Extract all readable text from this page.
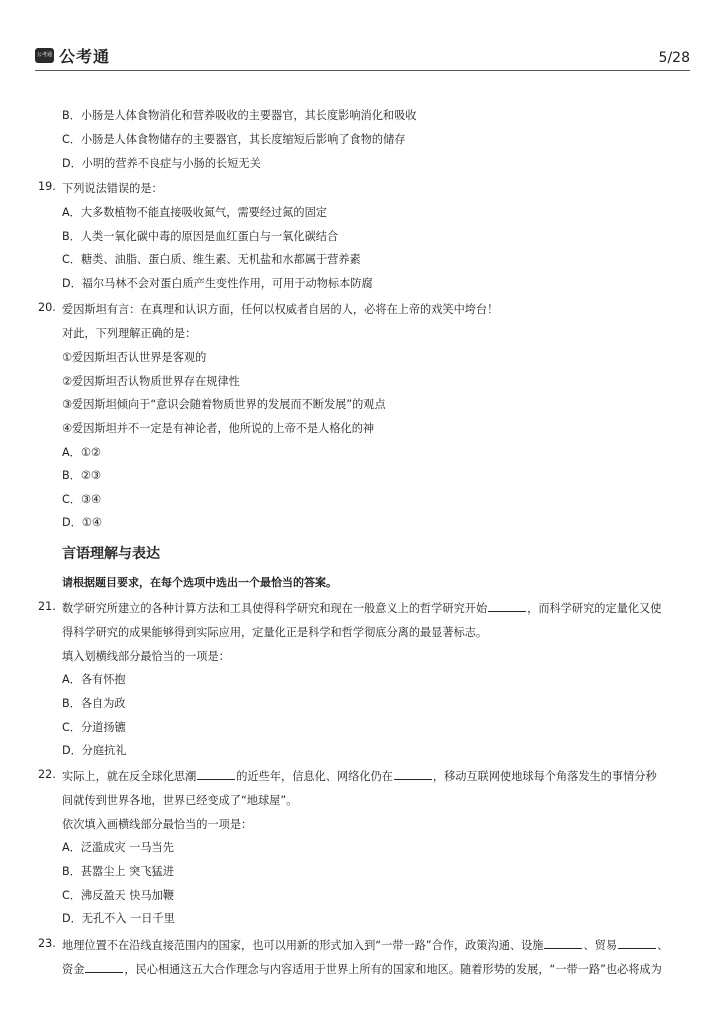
公考通 公考通	5/28
B．小肠是人体食物消化和营养吸收的主要器官，其长度影响消化和吸收
C．小肠是人体食物储存的主要器官，其长度缩短后影响了食物的储存
D．小明的营养不良症与小肠的长短无关
19. 下列说法错误的是：
A．大多数植物不能直接吸收氮气，需要经过氮的固定
B．人类一氧化碳中毒的原因是血红蛋白与一氧化碳结合
C．糖类、油脂、蛋白质、维生素、无机盐和水都属于营养素
D．福尔马林不会对蛋白质产生变性作用，可用于动物标本防腐
20. 爱因斯坦有言：在真理和认识方面，任何以权威者自居的人，必将在上帝的戏笑中垮台！
对此，下列理解正确的是：
①爱因斯坦否认世界是客观的
②爱因斯坦否认物质世界存在规律性
③爱因斯坦倾向于“意识会随着物质世界的发展而不断发展”的观点
④爱因斯坦并不一定是有神论者，他所说的上帝不是人格化的神
A．①②
B．②③
C．③④
D．①④
言语理解与表达
请根据题目要求，在每个选项中选出一个最恰当的答案。
21. 数学研究所建立的各种计算方法和工具使得科学研究和现在一般意义上的哲学研究开始	，而科学研究的定量化又使
得科学研究的成果能够得到实际应用，定量化正是科学和哲学彻底分离的最显著标志。
填入划横线部分最恰当的一项是：
A．各有怀抱
B．各自为政
C．分道扬镳
D．分庭抗礼
22. 实际上，就在反全球化思潮	的近些年，信息化、网络化仍在	，移动互联网使地球每个角落发生的事情分秒
间就传到世界各地，世界已经变成了“地球屋”。
依次填入画横线部分最恰当的一项是：
A．泛滥成灾 一马当先
B．甚嚣尘上 突飞猛进
C．沸反盈天 快马加鞭
D．无孔不入 一日千里
23. 地理位置不在沿线直接范围内的国家，也可以用新的形式加入到“一带一路”合作，政策沟通、设施	、贸易	、
资金	，民心相通这五大合作理念与内容适用于世界上所有的国家和地区。随着形势的发展，“一带一路”也必将成为
